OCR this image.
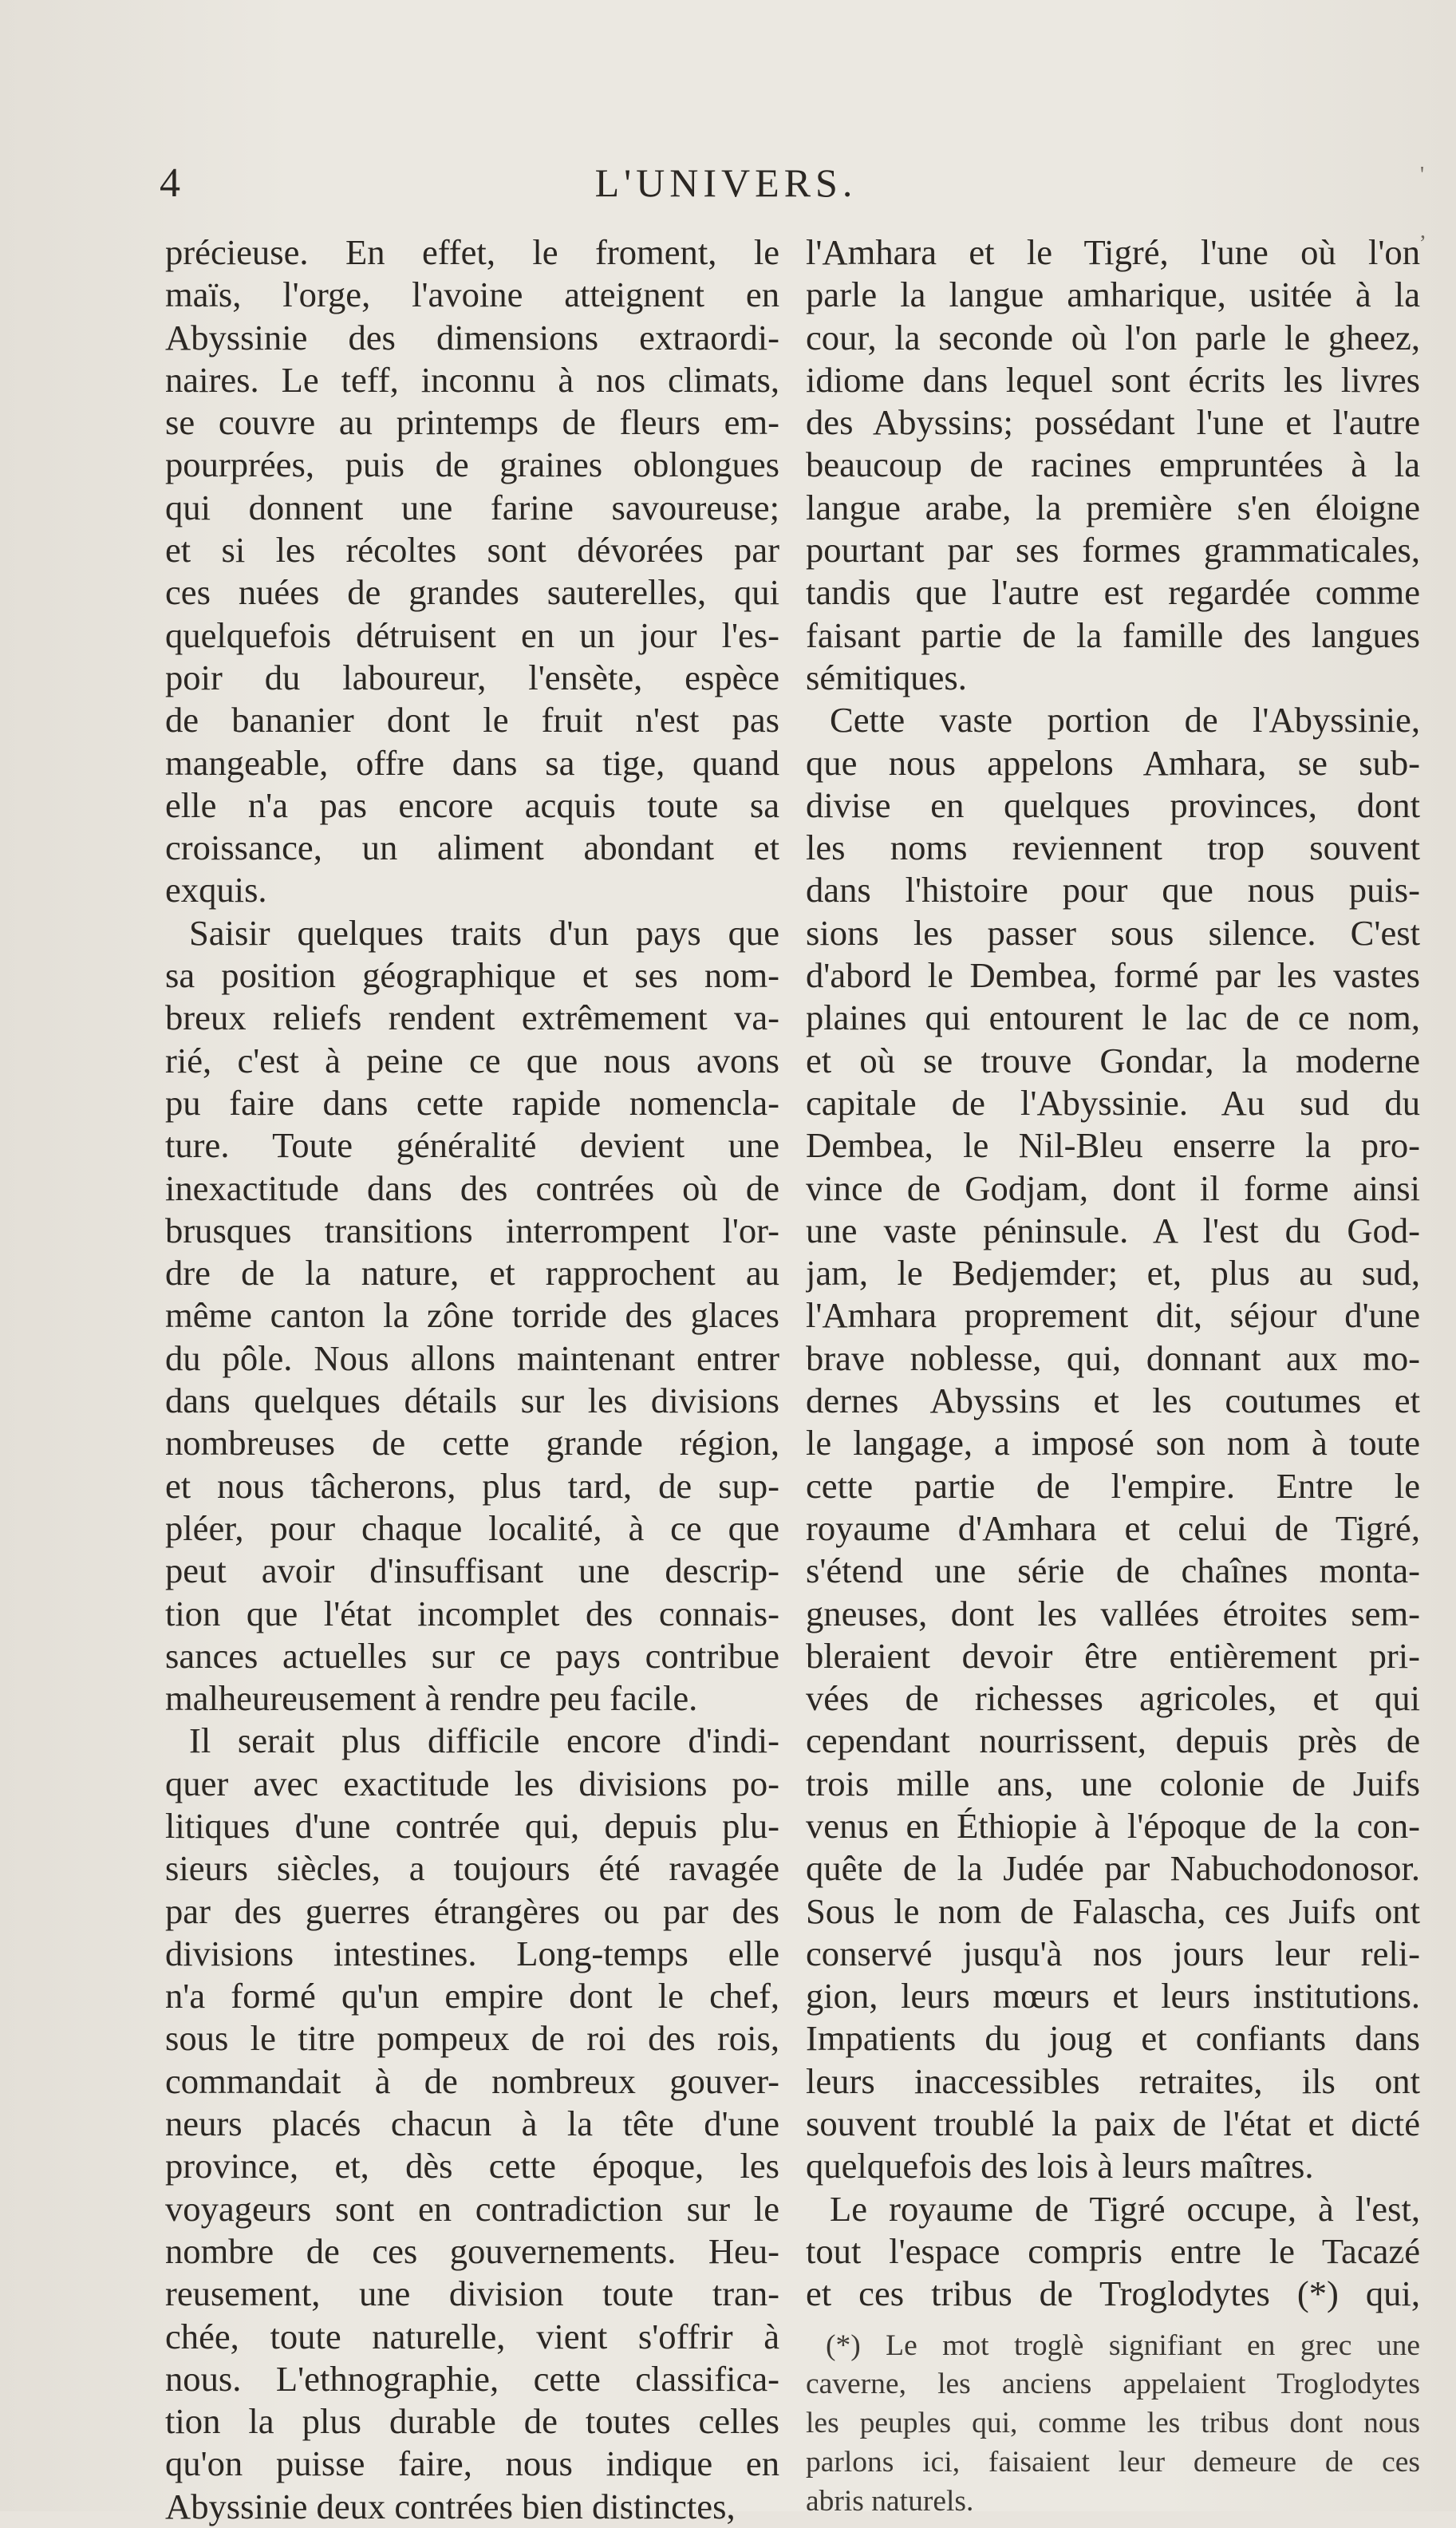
4	L'UNIVERS.	'
,
précieuse. En effet, le froment, le
maïs, l'orge, l'avoine atteignent en
Abyssinie des dimensions extraordi-
naires. Le teff, inconnu à nos climats,
se couvre au printemps de fleurs em-
pourprées, puis de graines oblongues
qui donnent une farine savoureuse;
et si les récoltes sont dévorées par
ces nuées de grandes sauterelles, qui
quelquefois détruisent en un jour l'es-
poir du laboureur, l'ensète, espèce
de bananier dont le fruit n'est pas
mangeable, offre dans sa tige, quand
elle n'a pas encore acquis toute sa
croissance, un aliment abondant et
exquis.
Saisir quelques traits d'un pays que
sa position géographique et ses nom-
breux reliefs rendent extrêmement va-
rié, c'est à peine ce que nous avons
pu faire dans cette rapide nomencla-
ture. Toute généralité devient une
inexactitude dans des contrées où de
brusques transitions interrompent l'or-
dre de la nature, et rapprochent au
même canton la zône torride des glaces
du pôle. Nous allons maintenant entrer
dans quelques détails sur les divisions
nombreuses de cette grande région,
et nous tâcherons, plus tard, de sup-
pléer, pour chaque localité, à ce que
peut avoir d'insuffisant une descrip-
tion que l'état incomplet des connais-
sances actuelles sur ce pays contribue
malheureusement à rendre peu facile.
Il serait plus difficile encore d'indi-
quer avec exactitude les divisions po-
litiques d'une contrée qui, depuis plu-
sieurs siècles, a toujours été ravagée
par des guerres étrangères ou par des
divisions intestines. Long-temps elle
n'a formé qu'un empire dont le chef,
sous le titre pompeux de roi des rois,
commandait à de nombreux gouver-
neurs placés chacun à la tête d'une
province, et, dès cette époque, les
voyageurs sont en contradiction sur le
nombre de ces gouvernements. Heu-
reusement, une division toute tran-
chée, toute naturelle, vient s'offrir à
nous. L'ethnographie, cette classifica-
tion la plus durable de toutes celles
qu'on puisse faire, nous indique en
Abyssinie deux contrées bien distinctes,
l'Amhara et le Tigré, l'une où l'on
parle la langue amharique, usitée à la
cour, la seconde où l'on parle le gheez,
idiome dans lequel sont écrits les livres
des Abyssins; possédant l'une et l'autre
beaucoup de racines empruntées à la
langue arabe, la première s'en éloigne
pourtant par ses formes grammaticales,
tandis que l'autre est regardée comme
faisant partie de la famille des langues
sémitiques.
Cette vaste portion de l'Abyssinie,
que nous appelons Amhara, se sub-
divise en quelques provinces, dont
les noms reviennent trop souvent
dans l'histoire pour que nous puis-
sions les passer sous silence. C'est
d'abord le Dembea, formé par les vastes
plaines qui entourent le lac de ce nom,
et où se trouve Gondar, la moderne
capitale de l'Abyssinie. Au sud du
Dembea, le Nil-Bleu enserre la pro-
vince de Godjam, dont il forme ainsi
une vaste péninsule. A l'est du God-
jam, le Bedjemder; et, plus au sud,
l'Amhara proprement dit, séjour d'une
brave noblesse, qui, donnant aux mo-
dernes Abyssins et les coutumes et
le langage, a imposé son nom à toute
cette partie de l'empire. Entre le
royaume d'Amhara et celui de Tigré,
s'étend une série de chaînes monta-
gneuses, dont les vallées étroites sem-
bleraient devoir être entièrement pri-
vées de richesses agricoles, et qui
cependant nourrissent, depuis près de
trois mille ans, une colonie de Juifs
venus en Éthiopie à l'époque de la con-
quête de la Judée par Nabuchodonosor.
Sous le nom de Falascha, ces Juifs ont
conservé jusqu'à nos jours leur reli-
gion, leurs mœurs et leurs institutions.
Impatients du joug et confiants dans
leurs inaccessibles retraites, ils ont
souvent troublé la paix de l'état et dicté
quelquefois des lois à leurs maîtres.
Le royaume de Tigré occupe, à l'est,
tout l'espace compris entre le Tacazé
et ces tribus de Troglodytes (*) qui,
(*) Le mot troglè signifiant en grec une
caverne, les anciens appelaient Troglodytes
les peuples qui, comme les tribus dont nous
parlons ici, faisaient leur demeure de ces
abris naturels.
